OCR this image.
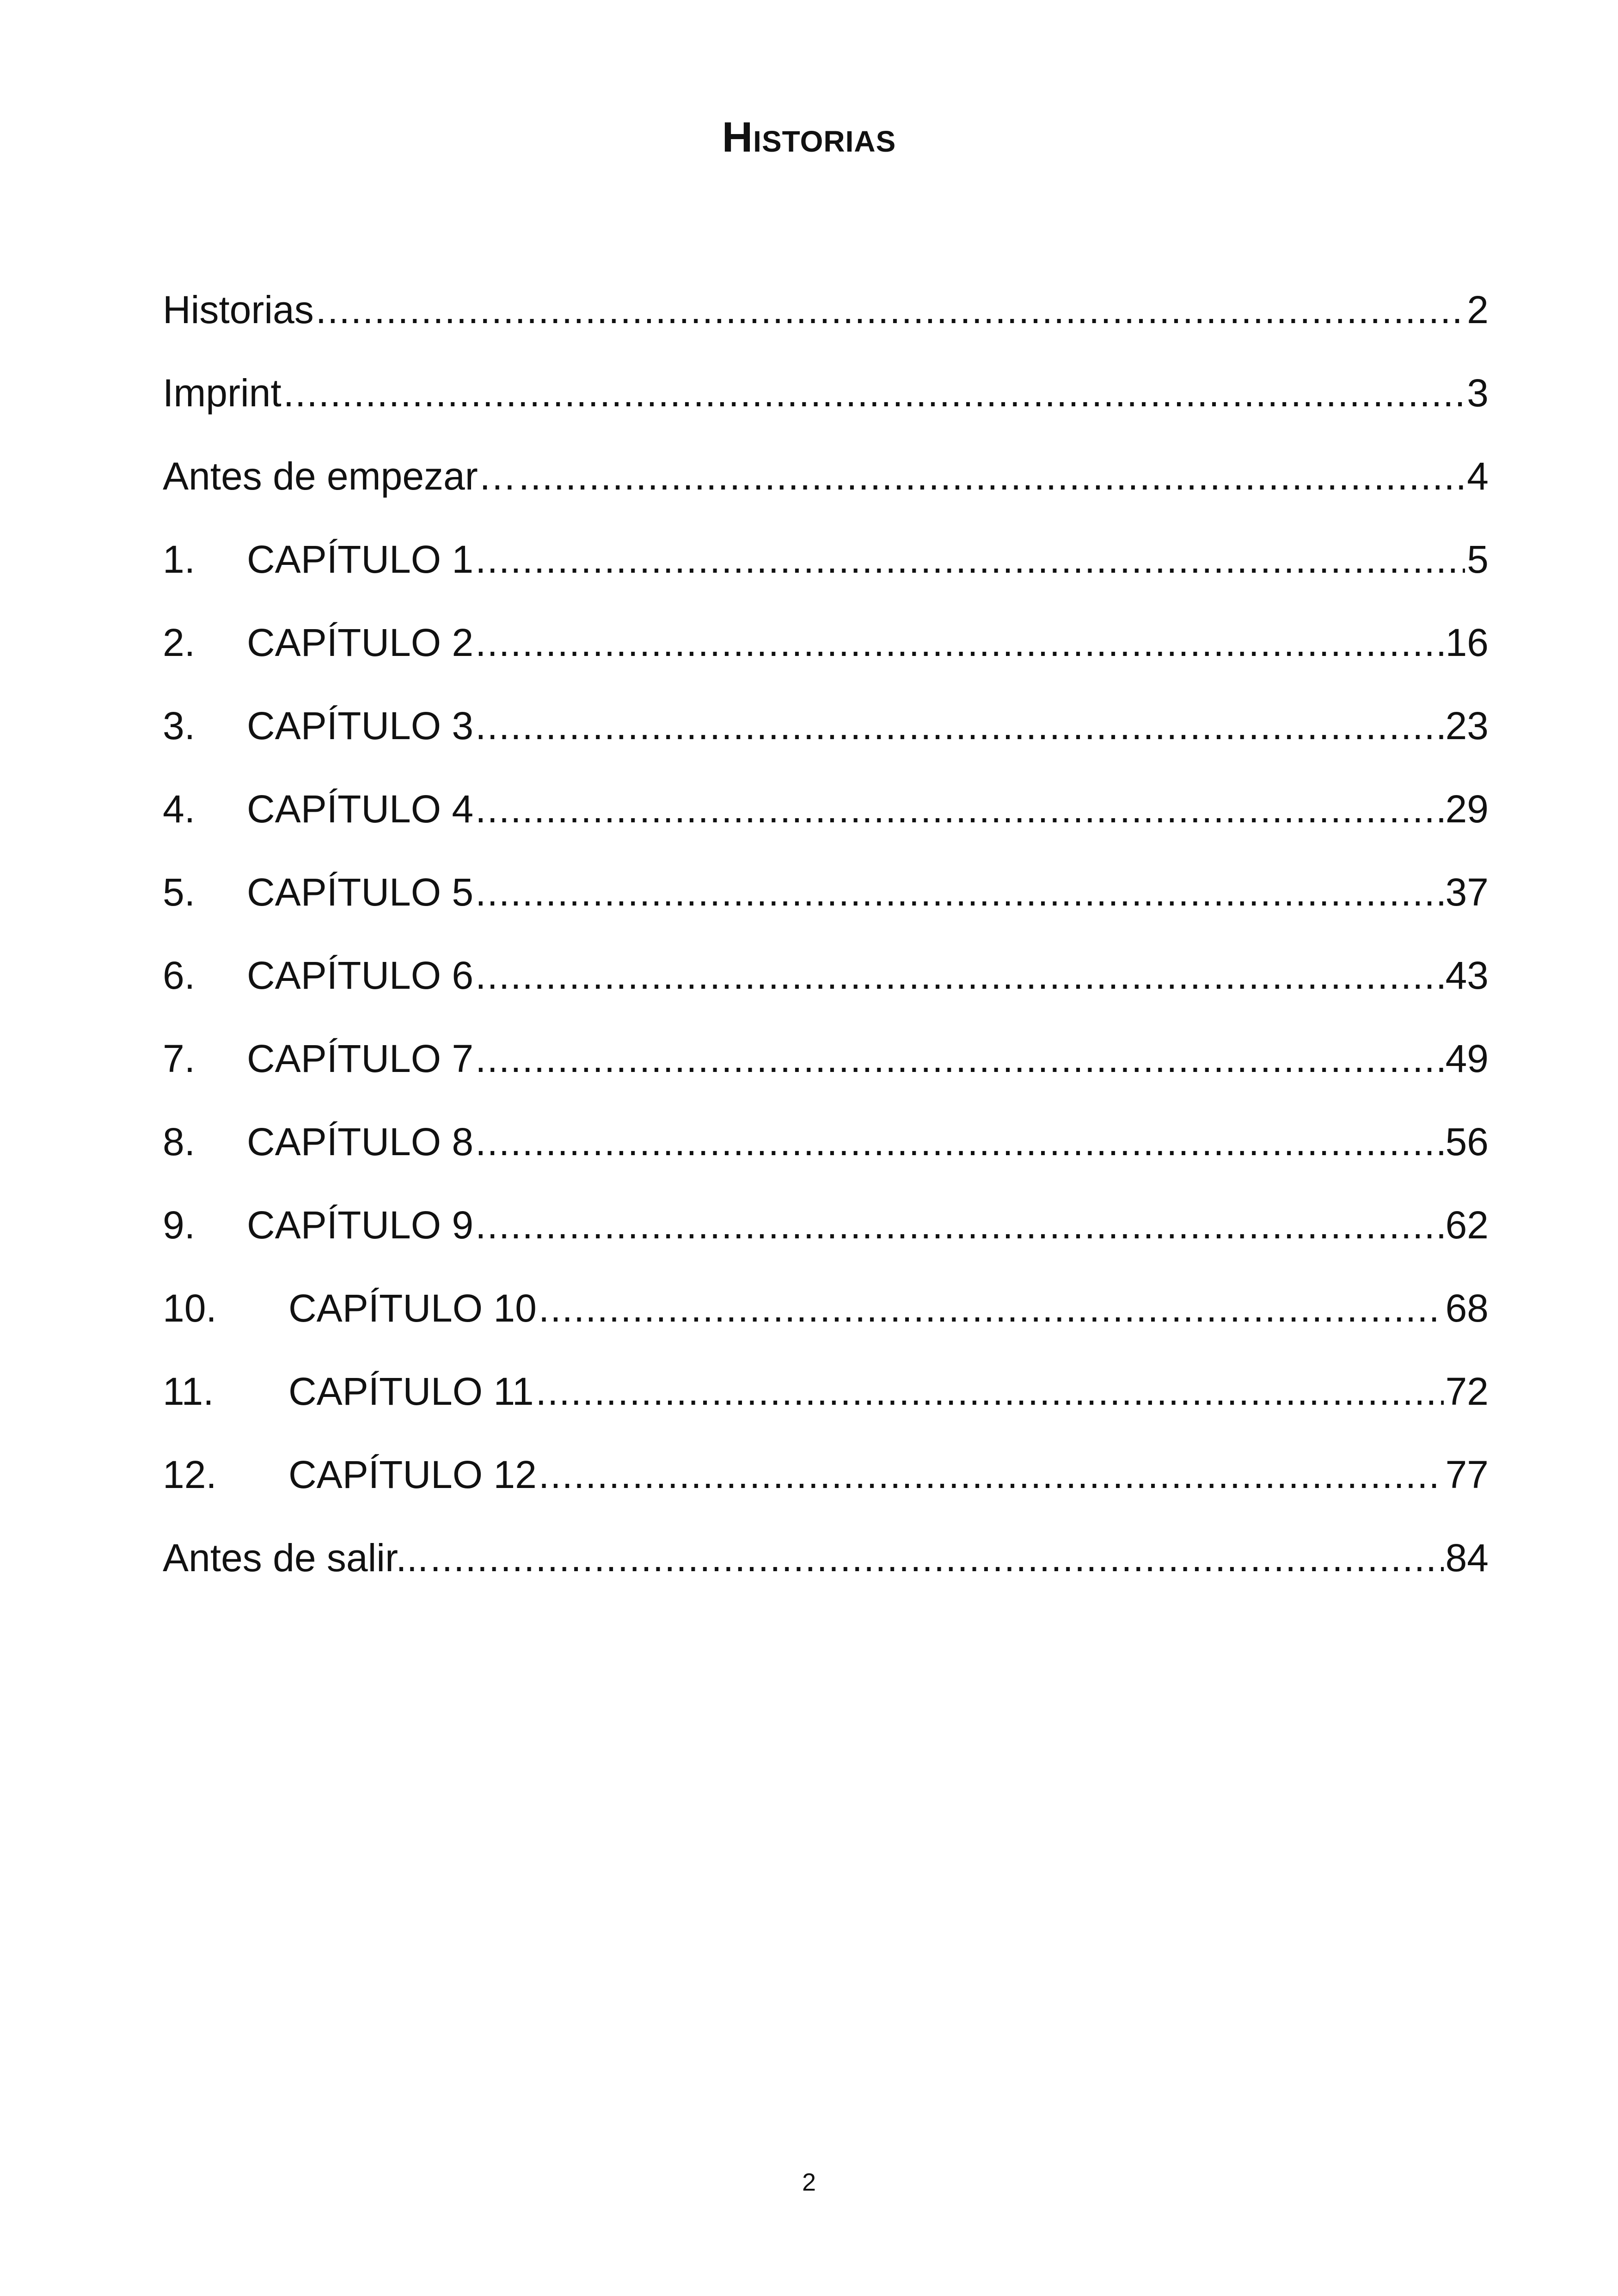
Historias
Historias .....	2
Imprint .....	3
Antes de empezar… .....	4
1.	CAPÍTULO 1 .....	5
2.	CAPÍTULO 2 .....	16
3.	CAPÍTULO 3 .....	23
4.	CAPÍTULO 4 .....	29
5.	CAPÍTULO 5 .....	37
6.	CAPÍTULO 6 .....	43
7.	CAPÍTULO 7 .....	49
8.	CAPÍTULO 8 .....	56
9.	CAPÍTULO 9 .....	62
10.	CAPÍTULO 10 .....	68
11.	CAPÍTULO 11 .....	72
12.	CAPÍTULO 12 .....	77
Antes de salir... .....	84
2
